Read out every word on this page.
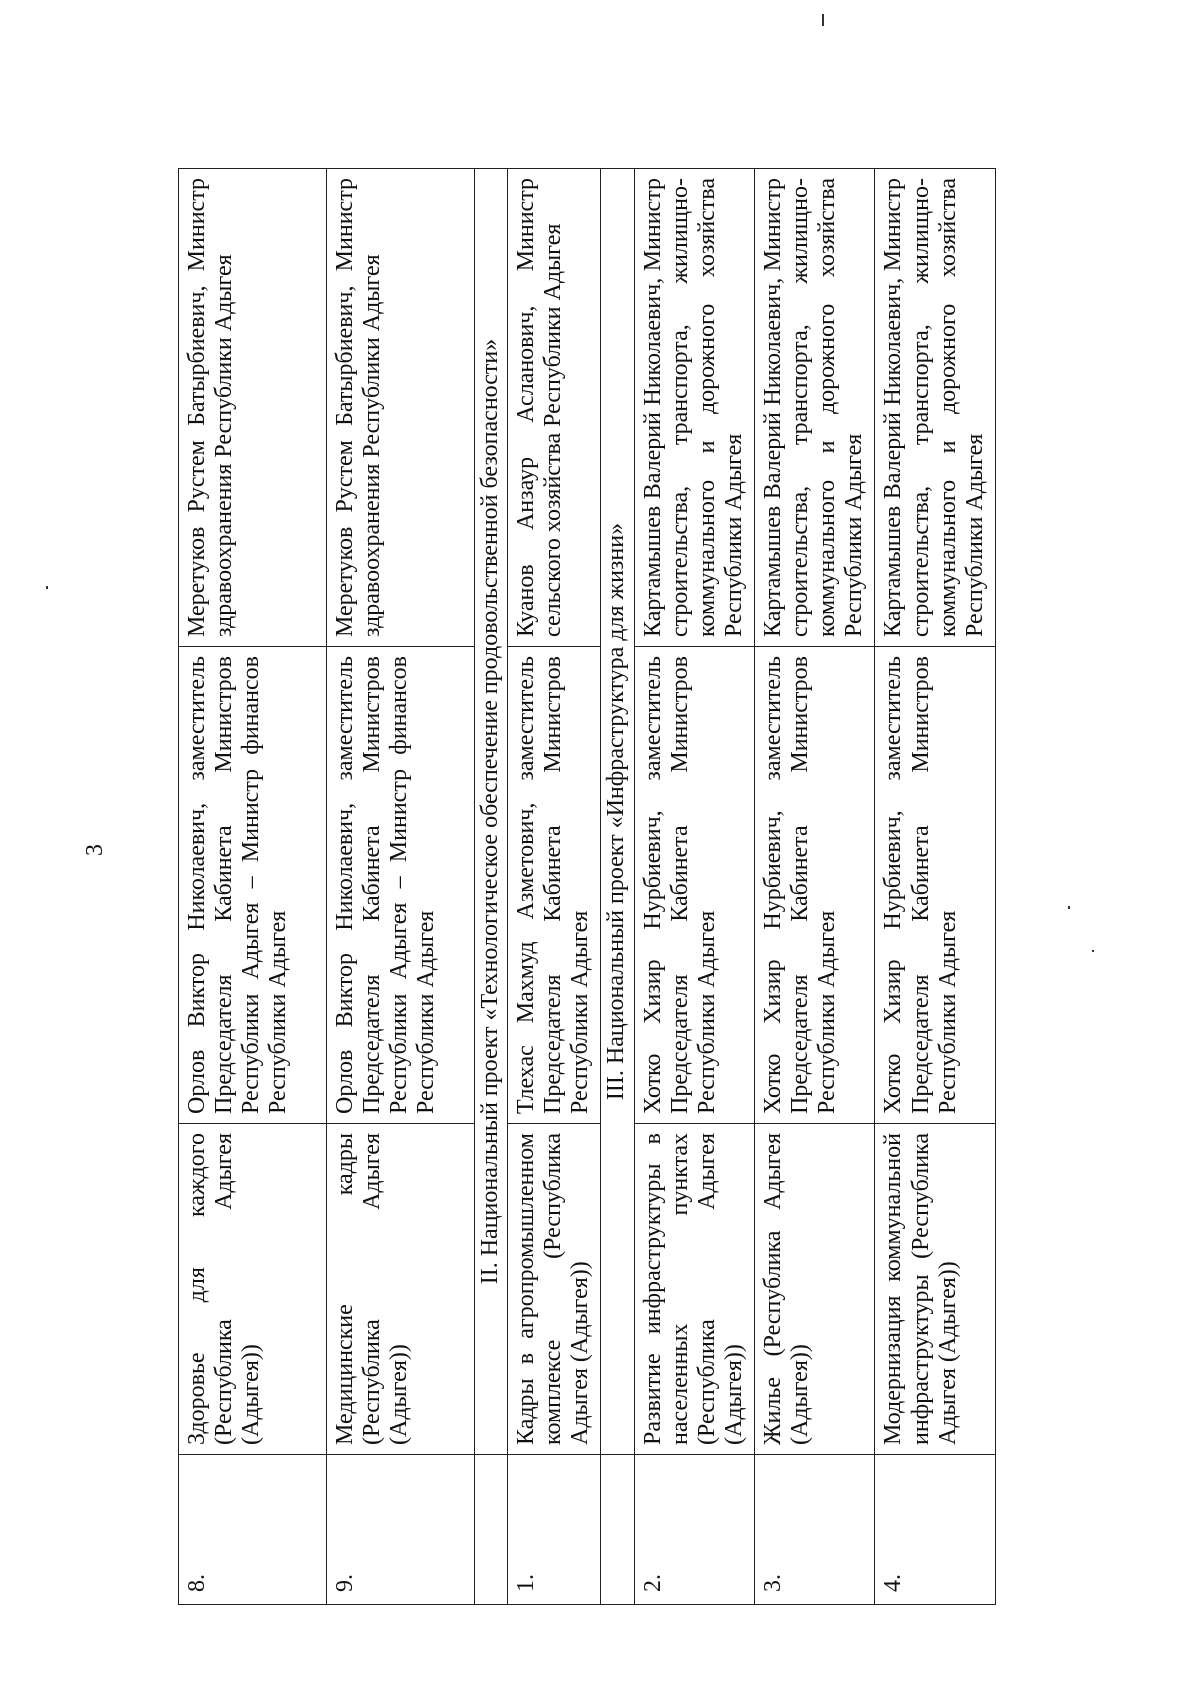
3
8.	Здоровье для каждого (Республика Адыгея (Адыгея))	Орлов Виктор Николаевич, заместитель Председателя Кабинета Министров Республики Адыгея – Министр финансов Республики Адыгея	Меретуков Рустем Батырбиевич, Министр здравоохранения Республики Адыгея
9.	Медицинские кадры (Республика Адыгея (Адыгея))	Орлов Виктор Николаевич, заместитель Председателя Кабинета Министров Республики Адыгея – Министр финансов Республики Адыгея	Меретуков Рустем Батырбиевич, Министр здравоохранения Республики Адыгея
	II. Национальный проект «Технологическое обеспечение продовольственной безопасности»		
1.	Кадры в агропромышленном комплексе (Республика Адыгея (Адыгея))	Тлехас Махмуд Азметович, заместитель Председателя Кабинета Министров Республики Адыгея	Куанов Анзаур Асланович, Министр сельского хозяйства Республики Адыгея
	III. Национальный проект «Инфраструктура для жизни»		
2.	Развитие инфраструктуры в населенных пунктах (Республика Адыгея (Адыгея))	Хотко Хизир Нурбиевич, заместитель Председателя Кабинета Министров Республики Адыгея	Картамышев Валерий Николаевич, Министр строительства, транспорта, жилищно-коммунального и дорожного хозяйства Республики Адыгея
3.	Жилье (Республика Адыгея (Адыгея))	Хотко Хизир Нурбиевич, заместитель Председателя Кабинета Министров Республики Адыгея	Картамышев Валерий Николаевич, Министр строительства, транспорта, жилищно-коммунального и дорожного хозяйства Республики Адыгея
4.	Модернизация коммунальной инфраструктуры (Республика Адыгея (Адыгея))	Хотко Хизир Нурбиевич, заместитель Председателя Кабинета Министров Республики Адыгея	Картамышев Валерий Николаевич, Министр строительства, транспорта, жилищно-коммунального и дорожного хозяйства Республики Адыгея
